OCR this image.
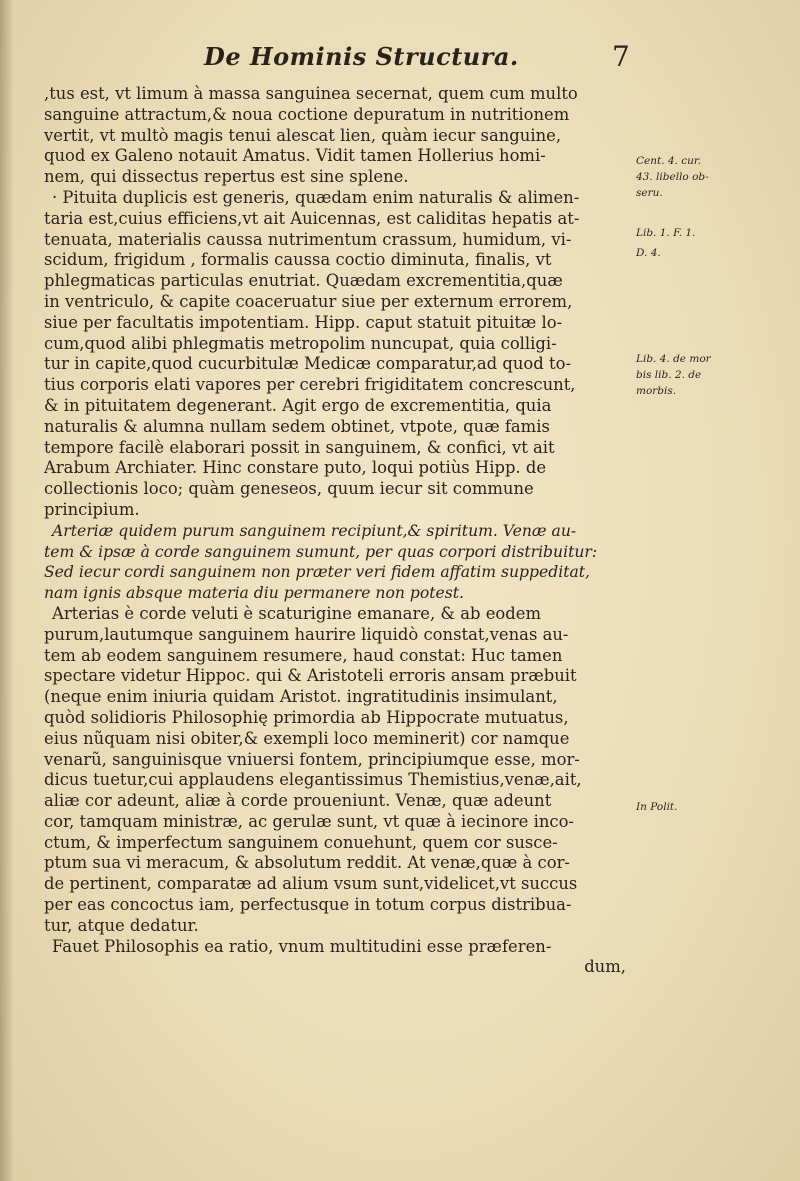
De Hominis Structura.	7
,tus est, vt limum à massa sanguinea secernat, quem cum multo
sanguine attractum,& noua coctione depuratum in nutritionem
vertit, vt multò magis tenui alescat lien, quàm iecur sanguine,
quod ex Galeno notauit Amatus. Vidit tamen Hollerius homi-
nem, qui dissectus repertus est sine splene.
· Pituita duplicis est generis, quædam enim naturalis & alimen-
taria est,cuius efficiens,vt ait Auicennas, est caliditas hepatis at-
tenuata, materialis caussa nutrimentum crassum, humidum, vi-
scidum, frigidum , formalis caussa coctio diminuta, finalis, vt
phlegmaticas particulas enutriat. Quædam excrementitia,quæ
in ventriculo, & capite coaceruatur siue per externum errorem,
siue per facultatis impotentiam. Hipp. caput statuit pituitæ lo-
cum,quod alibi phlegmatis metropolim nuncupat, quia colligi-
tur in capite,quod cucurbitulæ Medicæ comparatur,ad quod to-
tius corporis elati vapores per cerebri frigiditatem concrescunt,
& in pituitatem degenerant. Agit ergo de excrementitia, quia
naturalis & alumna nullam sedem obtinet, vtpote, quæ famis
tempore facilè elaborari possit in sanguinem, & confici, vt ait
Arabum Archiater. Hinc constare puto, loqui potiùs Hipp. de
collectionis loco; quàm geneseos, quum iecur sit commune
principium.
Arteriæ quidem purum sanguinem recipiunt,& spiritum. Venæ au-
tem & ipsæ à corde sanguinem sumunt, per quas corpori distribuitur:
Sed iecur cordi sanguinem non præter veri fidem affatim suppeditat,
nam ignis absque materia diu permanere non potest.
Arterias è corde veluti è scaturigine emanare, & ab eodem
purum,lautumque sanguinem haurire liquidò constat,venas au-
tem ab eodem sanguinem resumere, haud constat: Huc tamen
spectare videtur Hippoc. qui & Aristoteli erroris ansam præbuit
(neque enim iniuria quidam Aristot. ingratitudinis insimulant,
quòd solidioris Philosophię primordia ab Hippocrate mutuatus,
eius nũquam nisi obiter,& exempli loco meminerit) cor namque
venarũ, sanguinisque vniuersi fontem, principiumque esse, mor-
dicus tuetur,cui applaudens elegantissimus Themistius,venæ,ait,
aliæ cor adeunt, aliæ à corde proueniunt. Venæ, quæ adeunt
cor, tamquam ministræ, ac gerulæ sunt, vt quæ à iecinore inco-
ctum, & imperfectum sanguinem conuehunt, quem cor susce-
ptum sua vi meracum, & absolutum reddit. At venæ,quæ à cor-
de pertinent, comparatæ ad alium vsum sunt,videlicet,vt succus
per eas concoctus iam, perfectusque in totum corpus distribua-
tur, atque dedatur.
Fauet Philosophis ea ratio, vnum multitudini esse præferen-
dum,
Cent. 4. cur.
43. libello ob-
seru.
Lib. 1. F. 1.
D. 4.
Lib. 4. de mor
bis lib. 2. de
morbis.
In Polit.
